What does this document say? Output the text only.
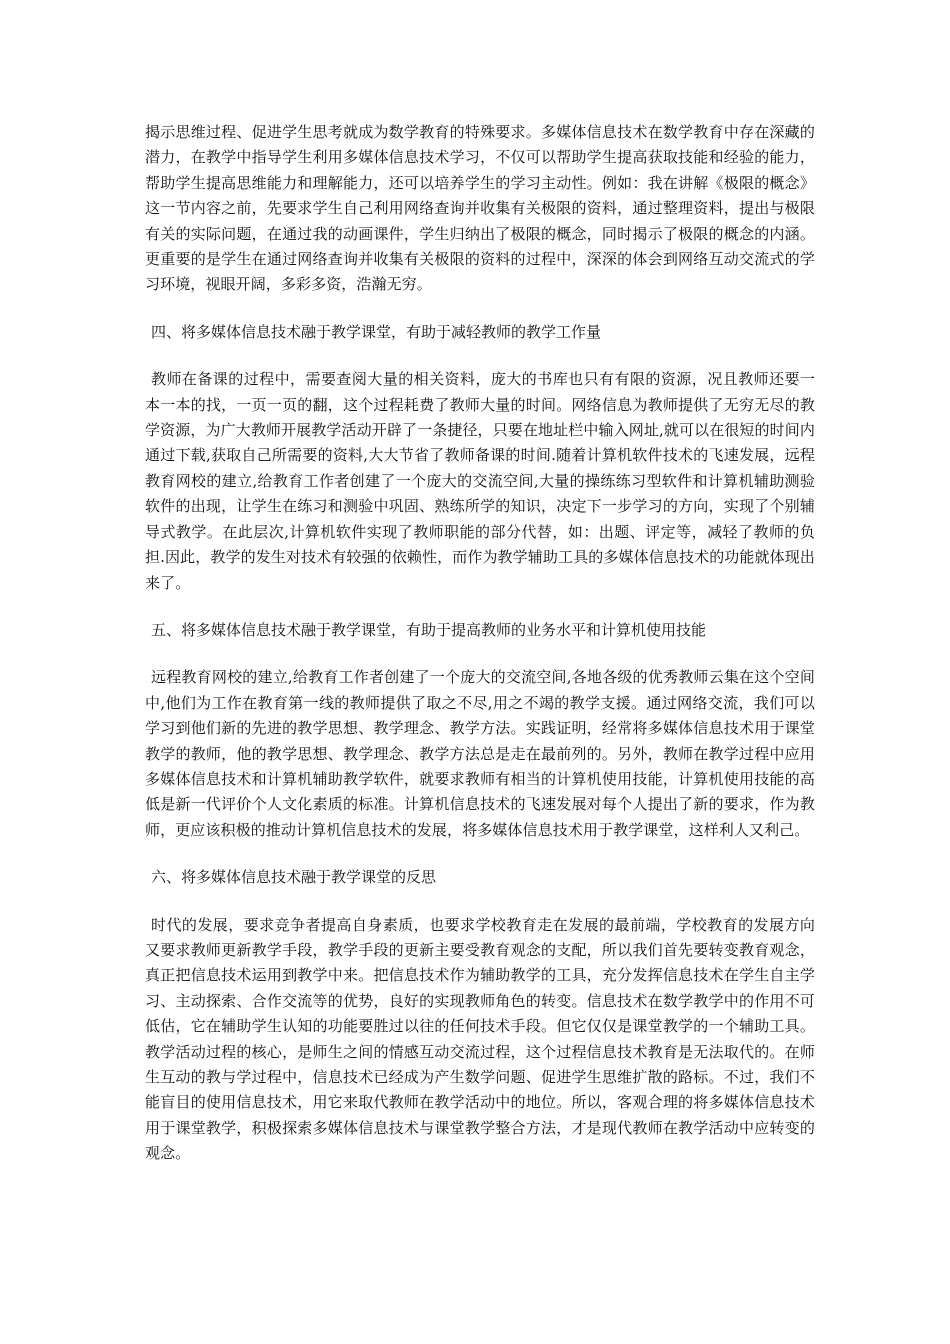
揭示思维过程、促进学生思考就成为数学教育的特殊要求。多媒体信息技术在数学教育中存在深藏的潜力，在教学中指导学生利用多媒体信息技术学习，不仅可以帮助学生提高获取技能和经验的能力，帮助学生提高思维能力和理解能力，还可以培养学生的学习主动性。例如：我在讲解《极限的概念》这一节内容之前，先要求学生自己利用网络查询并收集有关极限的资料，通过整理资料，提出与极限有关的实际问题，在通过我的动画课件，学生归纳出了极限的概念，同时揭示了极限的概念的内涵。更重要的是学生在通过网络查询并收集有关极限的资料的过程中，深深的体会到网络互动交流式的学习环境，视眼开阔，多彩多资，浩瀚无穷。

四、将多媒体信息技术融于教学课堂，有助于减轻教师的教学工作量

教师在备课的过程中，需要查阅大量的相关资料，庞大的书库也只有有限的资源，况且教师还要一本一本的找，一页一页的翻，这个过程耗费了教师大量的时间。网络信息为教师提供了无穷无尽的教学资源，为广大教师开展教学活动开辟了一条捷径，只要在地址栏中输入网址,就可以在很短的时间内通过下载,获取自己所需要的资料,大大节省了教师备课的时间.随着计算机软件技术的飞速发展，远程教育网校的建立,给教育工作者创建了一个庞大的交流空间,大量的操练练习型软件和计算机辅助测验软件的出现，让学生在练习和测验中巩固、熟练所学的知识，决定下一步学习的方向，实现了个别辅导式教学。在此层次,计算机软件实现了教师职能的部分代替，如：出题、评定等，减轻了教师的负担.因此，教学的发生对技术有较强的依赖性，而作为教学辅助工具的多媒体信息技术的功能就体现出来了。

五、将多媒体信息技术融于教学课堂，有助于提高教师的业务水平和计算机使用技能

远程教育网校的建立,给教育工作者创建了一个庞大的交流空间,各地各级的优秀教师云集在这个空间中,他们为工作在教育第一线的教师提供了取之不尽,用之不竭的教学支援。通过网络交流，我们可以学习到他们新的先进的教学思想、教学理念、教学方法。实践证明，经常将多媒体信息技术用于课堂教学的教师，他的教学思想、教学理念、教学方法总是走在最前列的。另外，教师在教学过程中应用多媒体信息技术和计算机辅助教学软件，就要求教师有相当的计算机使用技能，计算机使用技能的高低是新一代评价个人文化素质的标准。计算机信息技术的飞速发展对每个人提出了新的要求，作为教师，更应该积极的推动计算机信息技术的发展，将多媒体信息技术用于教学课堂，这样利人又利己。

六、将多媒体信息技术融于教学课堂的反思

时代的发展，要求竞争者提高自身素质，也要求学校教育走在发展的最前端，学校教育的发展方向又要求教师更新教学手段，教学手段的更新主要受教育观念的支配，所以我们首先要转变教育观念，真正把信息技术运用到教学中来。把信息技术作为辅助教学的工具，充分发挥信息技术在学生自主学习、主动探索、合作交流等的优势，良好的实现教师角色的转变。信息技术在数学教学中的作用不可低估，它在辅助学生认知的功能要胜过以往的任何技术手段。但它仅仅是课堂教学的一个辅助工具。教学活动过程的核心，是师生之间的情感互动交流过程，这个过程信息技术教育是无法取代的。在师生互动的教与学过程中，信息技术已经成为产生数学问题、促进学生思维扩散的路标。不过，我们不能盲目的使用信息技术，用它来取代教师在教学活动中的地位。所以，客观合理的将多媒体信息技术用于课堂教学，积极探索多媒体信息技术与课堂教学整合方法，才是现代教师在教学活动中应转变的观念。
